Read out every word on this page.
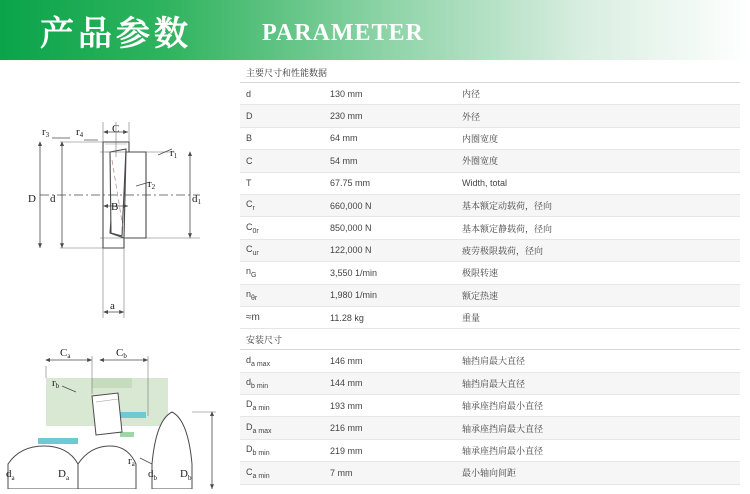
产品参数	PARAMETER
r3 r4	C
r1
r2
B
D d	d1
a
Ca	Cb
rb
ra
$d_a$	$D_a$	$d_b$ $D_b$
主要尺寸和性能数据		
d	130 mm	内径
D	230 mm	外径
B	64 mm	内圈宽度
C	54 mm	外圈宽度
T	67.75 mm	Width, total
$C_r$	660,000 N	基本额定动载荷，径向
$C_{0r}$	850,000 N	基本额定静载荷，径向
$C_{ur}$	122,000 N	疲劳极限载荷，径向
$n_G$	3,550 1/min	极限转速
$n_{\theta r}$	1,980 1/min	额定热速
≈m	11.28 kg	重量
安装尺寸		
$d_{a max}$	146 mm	轴挡肩最大直径
$d_{b min}$	144 mm	轴挡肩最大直径
$D_{a min}$	193 mm	轴承座挡肩最小直径
$D_{a max}$	216 mm	轴承座挡肩最大直径
$D_{b min}$	219 mm	轴承座挡肩最小直径
$C_{a min}$	7 mm	最小轴向间距
